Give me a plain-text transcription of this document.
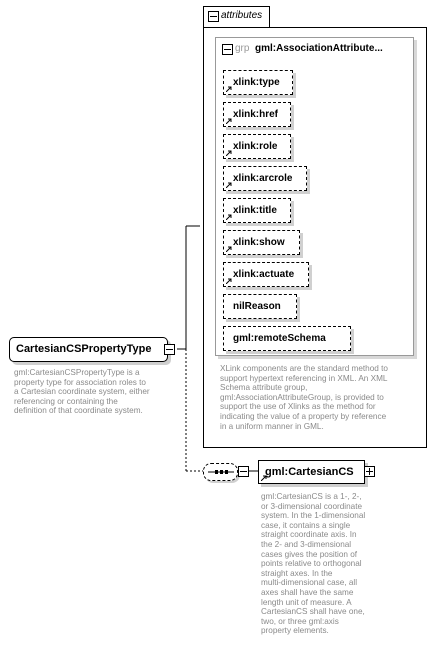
CartesianCSPropertyType
gml:CartesianCSPropertyType is a
property type for association roles to
a Cartesian coordinate system, either
referencing or containing the
definition of that coordinate system.
attributes
grp gml:AssociationAttribute...
xlink:type
xlink:href
xlink:role
xlink:arcrole
xlink:title
xlink:show
xlink:actuate
nilReason
gml:remoteSchema
XLink components are the standard method to
support hypertext referencing in XML. An XML
Schema attribute group,
gml:AssociationAttributeGroup, is provided to
support the use of Xlinks as the method for
indicating the value of a property by reference
in a uniform manner in GML.
gml:CartesianCS
gml:CartesianCS is a 1-, 2-,
or 3-dimensional coordinate
system. In the 1-dimensional
case, it contains a single
straight coordinate axis. In
the 2- and 3-dimensional
cases gives the position of
points relative to orthogonal
straight axes. In the
multi-dimensional case, all
axes shall have the same
length unit of measure. A
CartesianCS shall have one,
two, or three gml:axis
property elements.
